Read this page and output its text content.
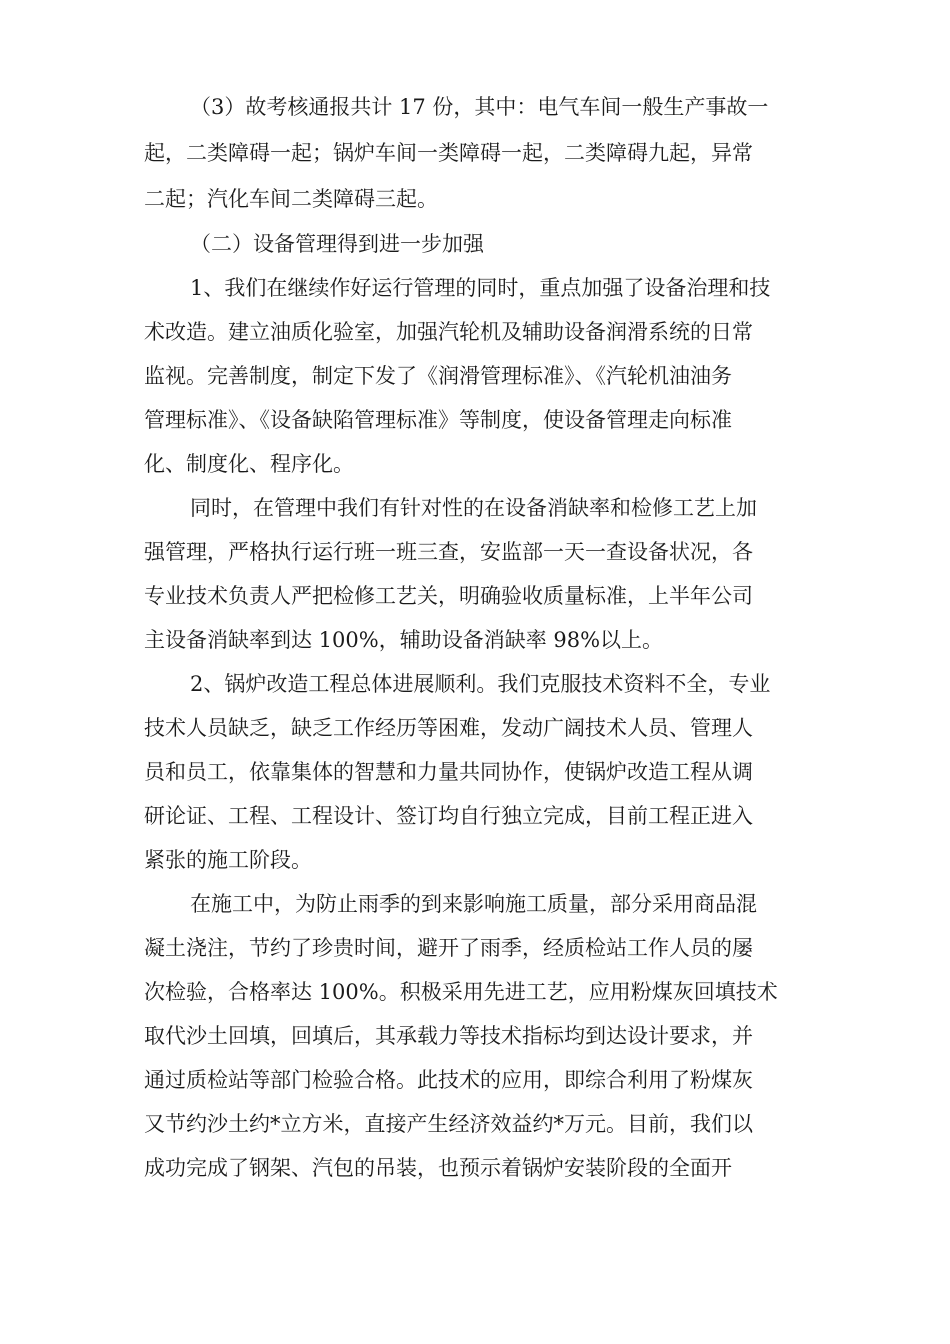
（3）故考核通报共计 17 份，其中：电气车间一般生产事故一
起，二类障碍一起；锅炉车间一类障碍一起，二类障碍九起，异常
二起；汽化车间二类障碍三起。
（二）设备管理得到进一步加强
1、我们在继续作好运行管理的同时，重点加强了设备治理和技
术改造。建立油质化验室，加强汽轮机及辅助设备润滑系统的日常
监视。完善制度，制定下发了《润滑管理标准》、《汽轮机油油务
管理标准》、《设备缺陷管理标准》等制度，使设备管理走向标准
化、制度化、程序化。
同时，在管理中我们有针对性的在设备消缺率和检修工艺上加
强管理，严格执行运行班一班三查，安监部一天一查设备状况，各
专业技术负责人严把检修工艺关，明确验收质量标准，上半年公司
主设备消缺率到达 100%，辅助设备消缺率 98%以上。
2、锅炉改造工程总体进展顺利。我们克服技术资料不全，专业
技术人员缺乏，缺乏工作经历等困难，发动广阔技术人员、管理人
员和员工，依靠集体的智慧和力量共同协作，使锅炉改造工程从调
研论证、工程、工程设计、签订均自行独立完成，目前工程正进入
紧张的施工阶段。
在施工中，为防止雨季的到来影响施工质量，部分采用商品混
凝土浇注，节约了珍贵时间，避开了雨季，经质检站工作人员的屡
次检验，合格率达 100%。积极采用先进工艺，应用粉煤灰回填技术
取代沙土回填，回填后，其承载力等技术指标均到达设计要求，并
通过质检站等部门检验合格。此技术的应用，即综合利用了粉煤灰
又节约沙土约*立方米，直接产生经济效益约*万元。目前，我们以
成功完成了钢架、汽包的吊装，也预示着锅炉安装阶段的全面开
